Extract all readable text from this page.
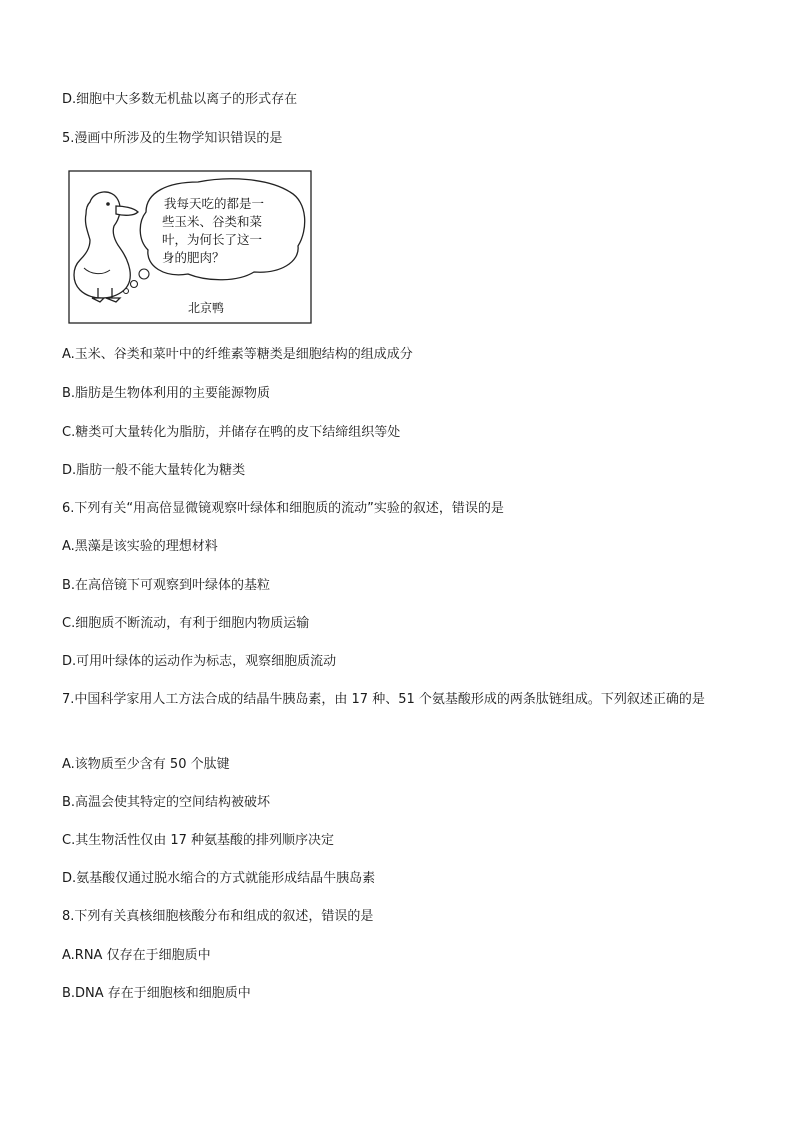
D.细胞中大多数无机盐以离子的形式存在
5.漫画中所涉及的生物学知识错误的是
我每天吃的都是一
些玉米、谷类和菜
叶，为何长了这一
身的肥肉？
北京鸭
A.玉米、谷类和菜叶中的纤维素等糖类是细胞结构的组成成分
B.脂肪是生物体利用的主要能源物质
C.糖类可大量转化为脂肪，并储存在鸭的皮下结缔组织等处
D.脂肪一般不能大量转化为糖类
6.下列有关“用高倍显微镜观察叶绿体和细胞质的流动”实验的叙述，错误的是
A.黑藻是该实验的理想材料
B.在高倍镜下可观察到叶绿体的基粒
C.细胞质不断流动，有利于细胞内物质运输
D.可用叶绿体的运动作为标志，观察细胞质流动
7.中国科学家用人工方法合成的结晶牛胰岛素，由 17 种、51 个氨基酸形成的两条肽链组成。下列叙述正确的是
A.该物质至少含有 50 个肽键
B.高温会使其特定的空间结构被破坏
C.其生物活性仅由 17 种氨基酸的排列顺序决定
D.氨基酸仅通过脱水缩合的方式就能形成结晶牛胰岛素
8.下列有关真核细胞核酸分布和组成的叙述，错误的是
A.RNA 仅存在于细胞质中
B.DNA 存在于细胞核和细胞质中
